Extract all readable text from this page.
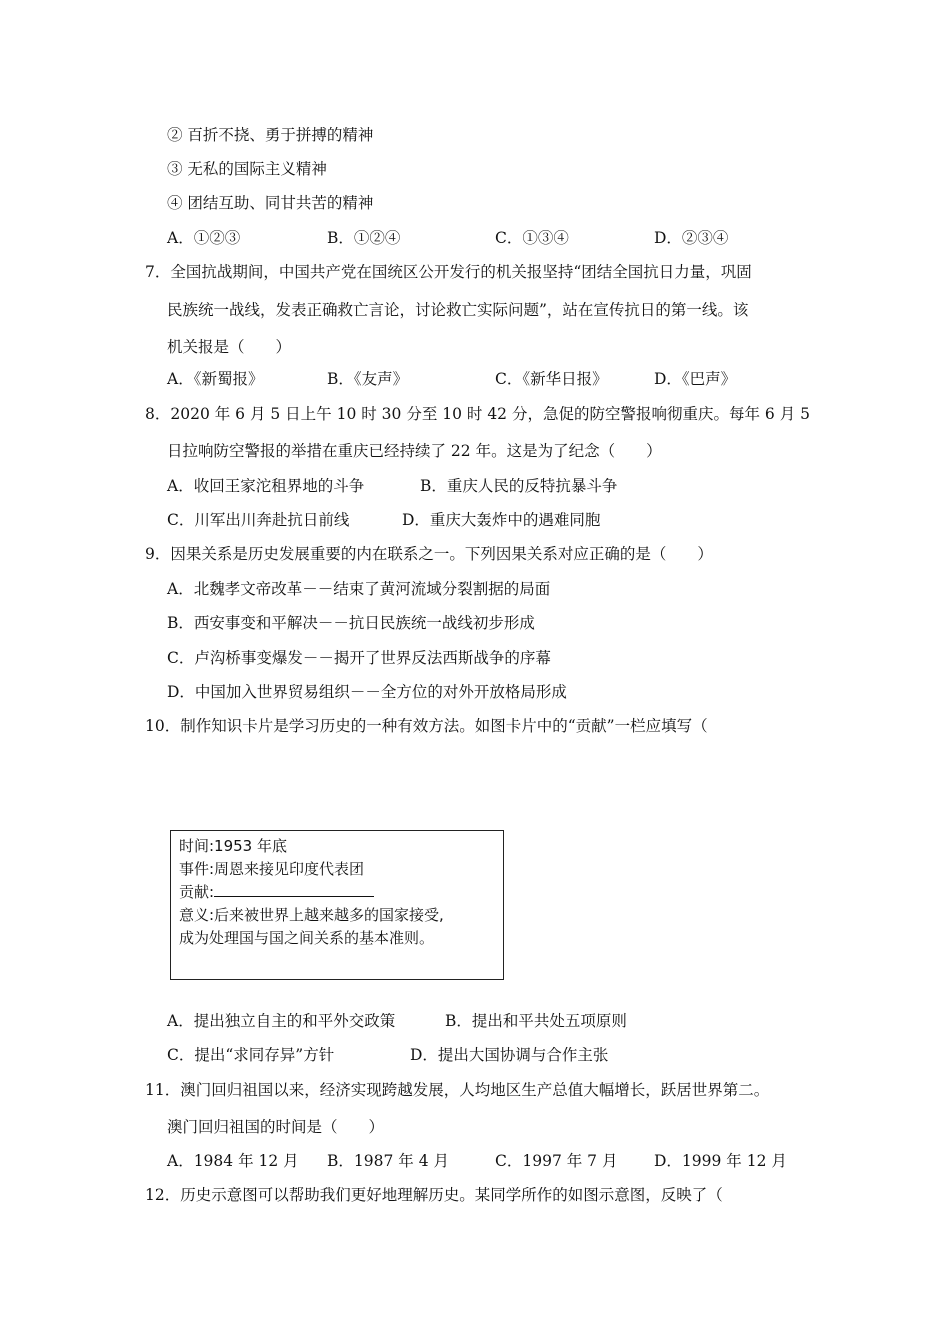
② 百折不挠、勇于拼搏的精神
③ 无私的国际主义精神
④ 团结互助、同甘共苦的精神
A．①②③	B．①②④	C．①③④	D．②③④
7．全国抗战期间，中国共产党在国统区公开发行的机关报坚持“团结全国抗日力量，巩固
民族统一战线，发表正确救亡言论，讨论救亡实际问题”，站在宣传抗日的第一线。该
机关报是（　　）
A．《新蜀报》	B．《友声》	C．《新华日报》	D．《巴声》
8．2020 年 6 月 5 日上午 10 时 30 分至 10 时 42 分，急促的防空警报响彻重庆。每年 6 月 5
日拉响防空警报的举措在重庆已经持续了 22 年。这是为了纪念（　　）
A．收回王家沱租界地的斗争	B．重庆人民的反特抗暴斗争
C．川军出川奔赴抗日前线	D．重庆大轰炸中的遇难同胞
9．因果关系是历史发展重要的内在联系之一。下列因果关系对应正确的是（　　）
A．北魏孝文帝改革－－结束了黄河流域分裂割据的局面
B．西安事变和平解决－－抗日民族统一战线初步形成
C．卢沟桥事变爆发－－揭开了世界反法西斯战争的序幕
D．中国加入世界贸易组织－－全方位的对外开放格局形成
10．制作知识卡片是学习历史的一种有效方法。如图卡片中的“贡献”一栏应填写（
时间:1953 年底
事件:周恩来接见印度代表团
贡献:
意义:后来被世界上越来越多的国家接受,
成为处理国与国之间关系的基本准则。
A．提出独立自主的和平外交政策	B．提出和平共处五项原则
C．提出“求同存异”方针	D．提出大国协调与合作主张
11．澳门回归祖国以来，经济实现跨越发展，人均地区生产总值大幅增长，跃居世界第二。
澳门回归祖国的时间是（　　）
A．1984 年 12 月 B．1987 年 4 月	C．1997 年 7 月 D．1999 年 12 月
12．历史示意图可以帮助我们更好地理解历史。某同学所作的如图示意图，反映了（
